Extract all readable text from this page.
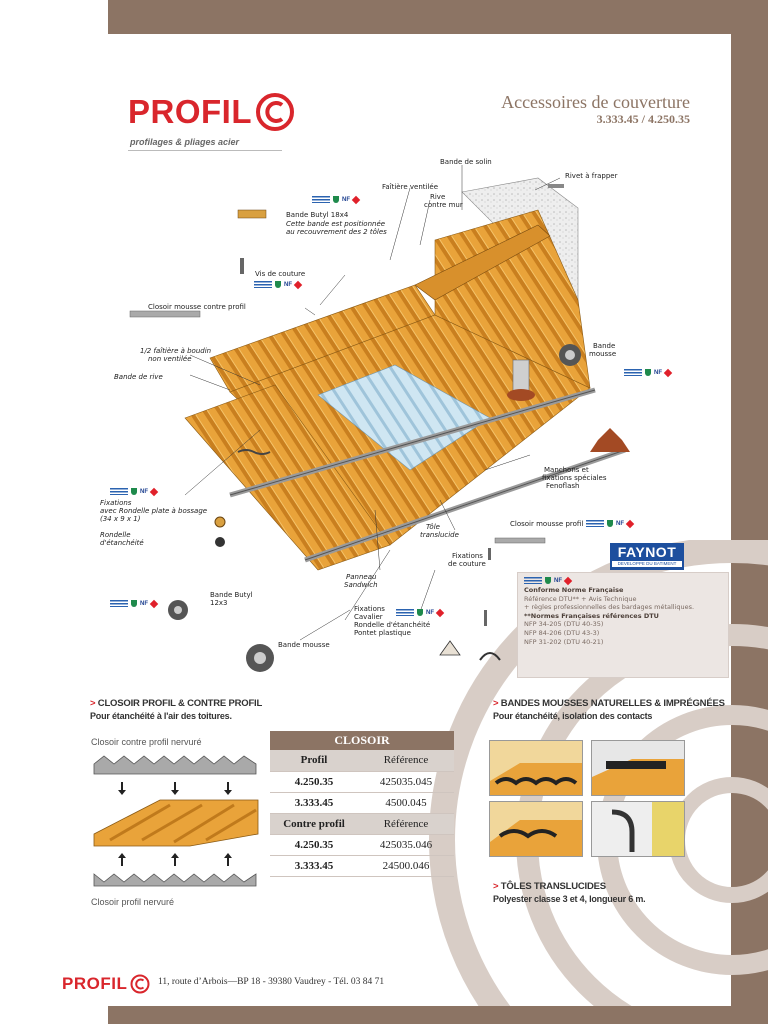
PROFIL
profilages & pliages acier
Accessoires de couverture
3.333.45 / 4.250.35
Bande de solin
Faîtière ventilée
Rive
contre mur
Rivet à frapper
Bande Butyl 18x4
Cette bande est positionnée
au recouvrement des 2 tôles
NF
Vis de couture
NF
Closoir mousse contre profil
1/2 faîtière à boudin
non ventilée
Bande de rive
Bande
mousse
NF
NF
Fixations
avec Rondelle plate à bossage
(34 x 9 x 1)
Rondelle
d'étanchéité
Manchons et
fixations spéciales
Fenoflash
Tôle
translucide
Closoir mousse profil	NF
Fixations
de couture
Panneau
Sandwich
Bande Butyl
12x3
NF
Fixations
Cavalier
Rondelle d'étanchéité
Pontet plastique
NF
Bande mousse
FAYNOT
DEVELOPPE DU BATIMENT
NF
Conforme Norme Française
Référence DTU** + Avis Technique
+ règles professionnelles des bardages métalliques.
**Normes Françaises références DTU
NFP 34-205 (DTU 40-35)
NFP 84-206 (DTU 43-3)
NFP 31-202 (DTU 40-21)
> CLOSOIR PROFIL & CONTRE PROFIL
Pour étanchéité à l'air des toitures.
Closoir contre profil nervuré
Closoir profil nervuré
CLOSOIR	
Profil	Référence
4.250.35	425035.045
3.333.45	4500.045
Contre profil	Référence
4.250.35	425035.046
3.333.45	24500.046
> BANDES MOUSSES NATURELLES & IMPRÉGNÉES
Pour étanchéité, isolation des contacts
> TÔLES TRANSLUCIDES
Polyester classe 3 et 4, longueur 6 m.
PROFIL	11, route d’Arbois—BP 18 - 39380 Vaudrey - Tél. 03 84 71
